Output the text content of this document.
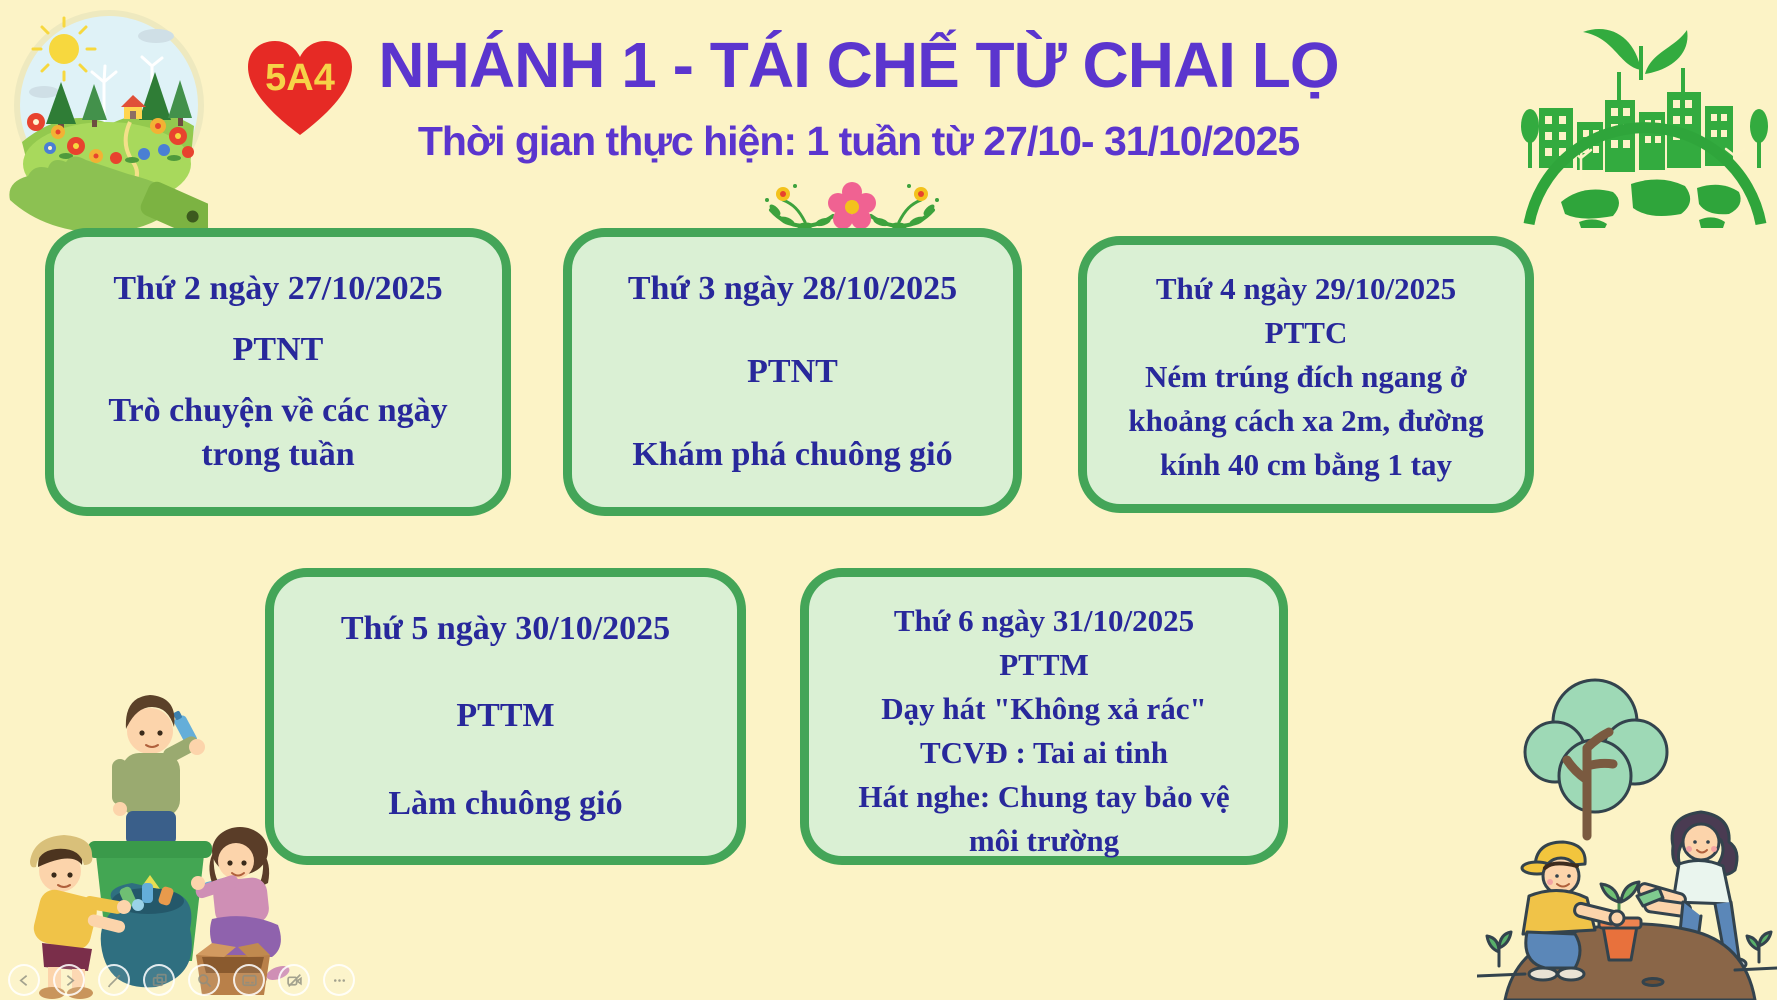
5A4 NHÁNH 1 - TÁI CHẾ TỪ CHAI LỌ
Thời gian thực hiện: 1 tuần từ 27/10- 31/10/2025
Thứ 2 ngày 27/10/2025
PTNT
Trò chuyện về các ngày trong tuần
Thứ 3 ngày 28/10/2025
PTNT
Khám phá chuông gió
Thứ 4 ngày 29/10/2025
PTTC
Ném trúng đích ngang ở khoảng cách xa 2m, đường kính 40 cm bằng 1 tay
Thứ 5 ngày 30/10/2025
PTTM
Làm chuông gió
Thứ 6 ngày 31/10/2025
PTTM
Dạy hát "Không xả rác"
TCVĐ : Tai ai tinh
Hát nghe: Chung tay bảo vệ môi trường
